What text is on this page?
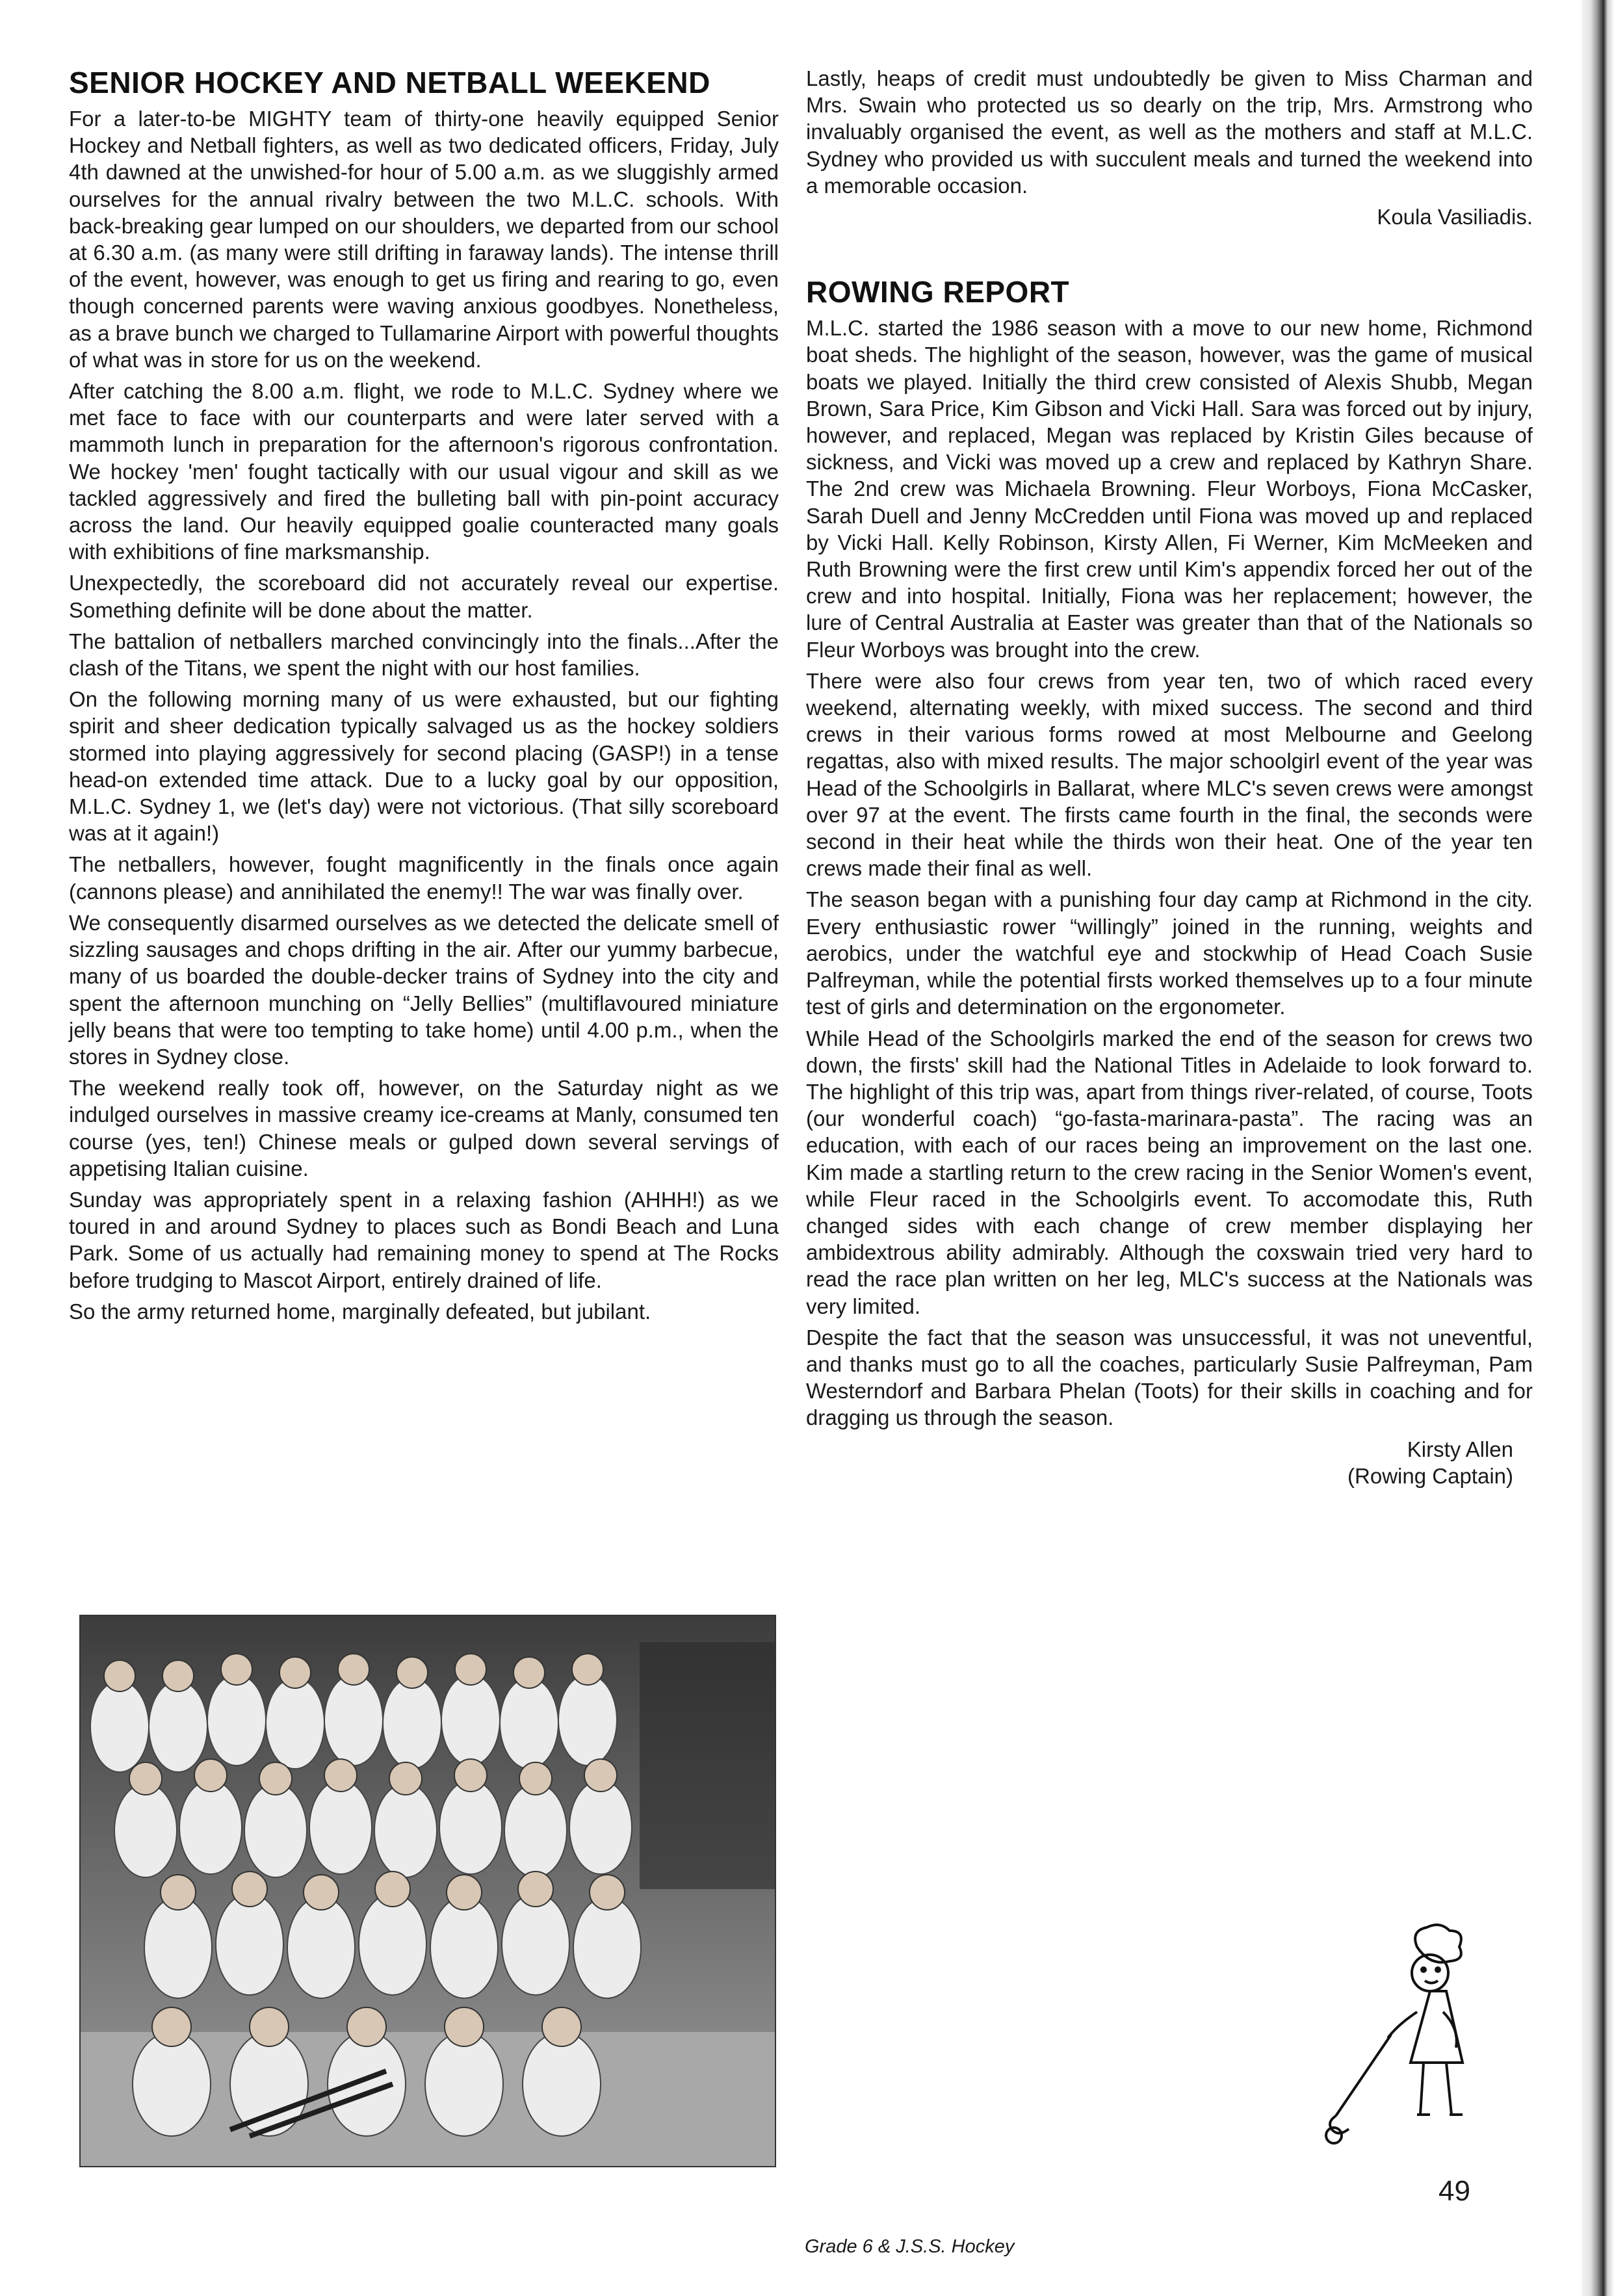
SENIOR HOCKEY AND NETBALL WEEKEND

For a later-to-be MIGHTY team of thirty-one heavily equipped Senior Hockey and Netball fighters, as well as two dedicated officers, Friday, July 4th dawned at the unwished-for hour of 5.00 a.m. as we sluggishly armed ourselves for the annual rivalry between the two M.L.C. schools. With back-breaking gear lumped on our shoulders, we departed from our school at 6.30 a.m. (as many were still drifting in faraway lands). The intense thrill of the event, however, was enough to get us firing and rearing to go, even though concerned parents were waving anxious goodbyes. Nonetheless, as a brave bunch we charged to Tullamarine Airport with powerful thoughts of what was in store for us on the weekend.

After catching the 8.00 a.m. flight, we rode to M.L.C. Sydney where we met face to face with our counterparts and were later served with a mammoth lunch in preparation for the afternoon's rigorous confrontation. We hockey 'men' fought tactically with our usual vigour and skill as we tackled aggressively and fired the bulleting ball with pin-point accuracy across the land. Our heavily equipped goalie counteracted many goals with exhibitions of fine marksmanship.

Unexpectedly, the scoreboard did not accurately reveal our expertise. Something definite will be done about the matter.

The battalion of netballers marched convincingly into the finals...After the clash of the Titans, we spent the night with our host families.

On the following morning many of us were exhausted, but our fighting spirit and sheer dedication typically salvaged us as the hockey soldiers stormed into playing aggressively for second placing (GASP!) in a tense head-on extended time attack. Due to a lucky goal by our opposition, M.L.C. Sydney 1, we (let's day) were not victorious. (That silly scoreboard was at it again!)

The netballers, however, fought magnificently in the finals once again (cannons please) and annihilated the enemy!! The war was finally over.

We consequently disarmed ourselves as we detected the delicate smell of sizzling sausages and chops drifting in the air. After our yummy barbecue, many of us boarded the double-decker trains of Sydney into the city and spent the afternoon munching on “Jelly Bellies” (multiflavoured miniature jelly beans that were too tempting to take home) until 4.00 p.m., when the stores in Sydney close.

The weekend really took off, however, on the Saturday night as we indulged ourselves in massive creamy ice-creams at Manly, consumed ten course (yes, ten!) Chinese meals or gulped down several servings of appetising Italian cuisine.

Sunday was appropriately spent in a relaxing fashion (AHHH!) as we toured in and around Sydney to places such as Bondi Beach and Luna Park. Some of us actually had remaining money to spend at The Rocks before trudging to Mascot Airport, entirely drained of life.

So the army returned home, marginally defeated, but jubilant.

Lastly, heaps of credit must undoubtedly be given to Miss Charman and Mrs. Swain who protected us so dearly on the trip, Mrs. Armstrong who invaluably organised the event, as well as the mothers and staff at M.L.C. Sydney who provided us with succulent meals and turned the weekend into a memorable occasion.

Koula Vasiliadis.
ROWING REPORT

M.L.C. started the 1986 season with a move to our new home, Richmond boat sheds. The highlight of the season, however, was the game of musical boats we played. Initially the third crew consisted of Alexis Shubb, Megan Brown, Sara Price, Kim Gibson and Vicki Hall. Sara was forced out by injury, however, and replaced, Megan was replaced by Kristin Giles because of sickness, and Vicki was moved up a crew and replaced by Kathryn Share. The 2nd crew was Michaela Browning. Fleur Worboys, Fiona McCasker, Sarah Duell and Jenny McCredden until Fiona was moved up and replaced by Vicki Hall. Kelly Robinson, Kirsty Allen, Fi Werner, Kim McMeeken and Ruth Browning were the first crew until Kim's appendix forced her out of the crew and into hospital. Initially, Fiona was her replacement; however, the lure of Central Australia at Easter was greater than that of the Nationals so Fleur Worboys was brought into the crew.

There were also four crews from year ten, two of which raced every weekend, alternating weekly, with mixed success. The second and third crews in their various forms rowed at most Melbourne and Geelong regattas, also with mixed results. The major schoolgirl event of the year was Head of the Schoolgirls in Ballarat, where MLC's seven crews were amongst over 97 at the event. The firsts came fourth in the final, the seconds were second in their heat while the thirds won their heat. One of the year ten crews made their final as well.

The season began with a punishing four day camp at Richmond in the city. Every enthusiastic rower “willingly” joined in the running, weights and aerobics, under the watchful eye and stockwhip of Head Coach Susie Palfreyman, while the potential firsts worked themselves up to a four minute test of girls and determination on the ergonometer.

While Head of the Schoolgirls marked the end of the season for crews two down, the firsts' skill had the National Titles in Adelaide to look forward to. The highlight of this trip was, apart from things river-related, of course, Toots (our wonderful coach) “go-fasta-marinara-pasta”. The racing was an education, with each of our races being an improvement on the last one. Kim made a startling return to the crew racing in the Senior Women's event, while Fleur raced in the Schoolgirls event. To accomodate this, Ruth changed sides with each change of crew member displaying her ambidextrous ability admirably. Although the coxswain tried very hard to read the race plan written on her leg, MLC's success at the Nationals was very limited.

Despite the fact that the season was unsuccessful, it was not uneventful, and thanks must go to all the coaches, particularly Susie Palfreyman, Pam Westerndorf and Barbara Phelan (Toots) for their skills in coaching and for dragging us through the season.

Kirsty Allen
(Rowing Captain)
Grade 6 & J.S.S. Hockey
49
